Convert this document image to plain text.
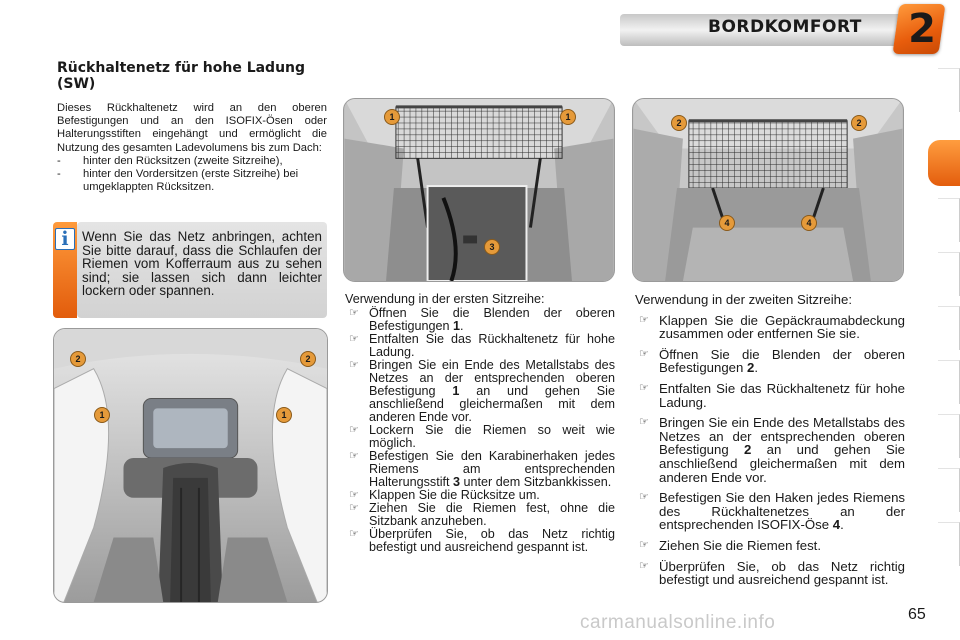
BORDKOMFORT 2
Rückhaltenetz für hohe Ladung (SW)

Dieses Rückhaltenetz wird an den oberen Befestigungen und an den ISOFIX-Ösen oder Halterungsstiften eingehängt und ermöglicht die Nutzung des gesamten Ladevolumens bis zum Dach:

- hinter den Rücksitzen (zweite Sitzreihe),
- hinter den Vordersitzen (erste Sitzreihe) bei umgeklappten Rücksitzen.
i Wenn Sie das Netz anbringen, achten Sie bitte darauf, dass die Schlaufen der Riemen vom Kofferraum aus zu sehen sind; sie lassen sich dann leichter lockern oder spannen.

2	2
1	1
1	1
3
2	2
4	4

Verwendung in der ersten Sitzreihe:

☞ Öffnen Sie die Blenden der oberen Befestigungen 1.
☞ Entfalten Sie das Rückhaltenetz für hohe Ladung.
☞ Bringen Sie ein Ende des Metallstabs des Netzes an der entsprechenden oberen Befestigung 1 an und gehen Sie anschließend gleichermaßen mit dem anderen Ende vor.
☞ Lockern Sie die Riemen so weit wie möglich.
☞ Befestigen Sie den Karabinerhaken jedes Riemens am entsprechenden Halterungsstift 3 unter dem Sitzbankkissen.
☞ Klappen Sie die Rücksitze um.
☞ Ziehen Sie die Riemen fest, ohne die Sitzbank anzuheben.
☞ Überprüfen Sie, ob das Netz richtig befestigt und ausreichend gespannt ist.

Verwendung in der zweiten Sitzreihe:

☞ Klappen Sie die Gepäckraumabdeckung zusammen oder entfernen Sie sie.
☞ Öffnen Sie die Blenden der oberen Befestigungen 2.
☞ Entfalten Sie das Rückhaltenetz für hohe Ladung.
☞ Bringen Sie ein Ende des Metallstabs des Netzes an der entsprechenden oberen Befestigung 2 an und gehen Sie anschließend gleichermaßen mit dem anderen Ende vor.
☞ Befestigen Sie den Haken jedes Riemens des Rückhaltenetzes an der entsprechenden ISOFIX-Öse 4.
☞ Ziehen Sie die Riemen fest.
☞ Überprüfen Sie, ob das Netz richtig befestigt und ausreichend gespannt ist.
carmanualsonline.info	65
